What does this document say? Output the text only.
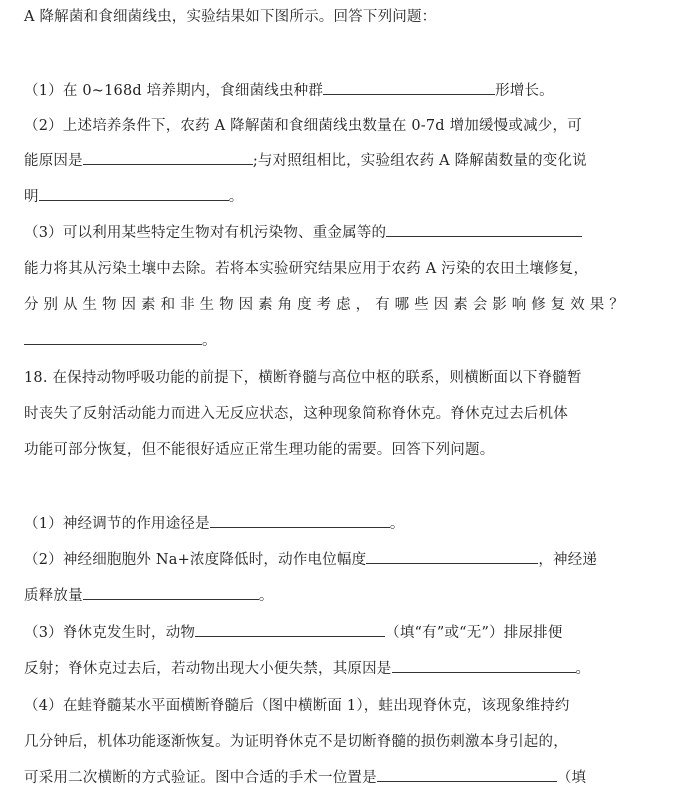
A 降解菌和食细菌线虫，实验结果如下图所示。回答下列问题：
（1）在 0~168d 培养期内，食细菌线虫种群	形增长。
（2）上述培养条件下，农药 A 降解菌和食细菌线虫数量在 0-7d 增加缓慢或减少，可
能原因是	;与对照组相比，实验组农药 A 降解菌数量的变化说
明	。
（3）可以利用某些特定生物对有机污染物、重金属等的
能力将其从污染土壤中去除。若将本实验研究结果应用于农药 A 污染的农田土壤修复，
分 别 从 生 物 因 素 和 非 生 物 因 素 角 度 考 虑 ， 有 哪 些 因 素 会 影 响 修 复 效 果 ？
。
18. 在保持动物呼吸功能的前提下，横断脊髓与高位中枢的联系，则横断面以下脊髓暂
时丧失了反射活动能力而进入无反应状态，这种现象简称脊休克。脊休克过去后机体
功能可部分恢复，但不能很好适应正常生理功能的需要。回答下列问题。
（1）神经调节的作用途径是	。
（2）神经细胞胞外 Na+浓度降低时，动作电位幅度	，神经递
质释放量	。
（3）脊休克发生时，动物	（填“有”或“无”）排尿排便
反射；脊休克过去后，若动物出现大小便失禁，其原因是	。
（4）在蛙脊髓某水平面横断脊髓后（图中横断面 1），蛙出现脊休克，该现象维持约
几分钟后，机体功能逐渐恢复。为证明脊休克不是切断脊髓的损伤刺激本身引起的，
可采用二次横断的方式验证。图中合适的手术一位置是	（填
